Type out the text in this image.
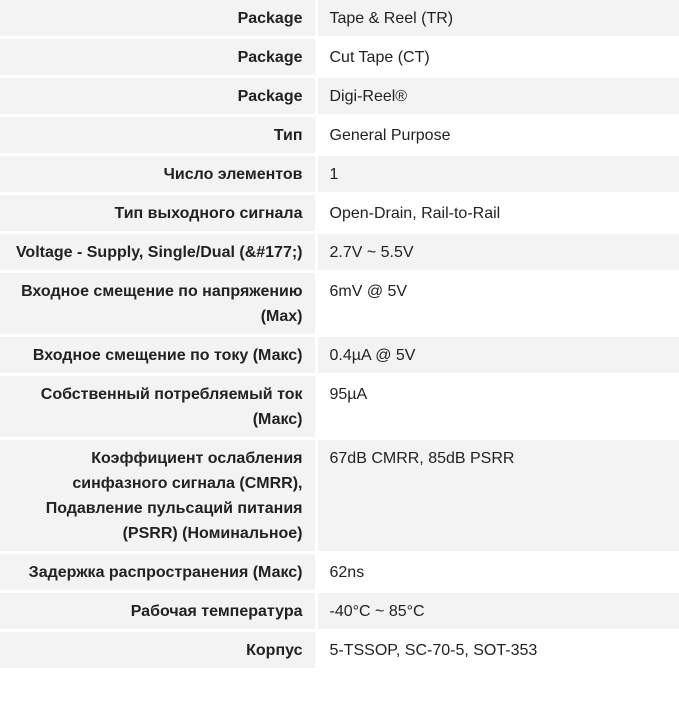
Package	Tape & Reel (TR)
Package	Cut Tape (CT)
Package	Digi-Reel®
Тип	General Purpose
Число элементов	1
Тип выходного сигнала	Open-Drain, Rail-to-Rail
Voltage - Supply, Single/Dual (&#177;)	2.7V ~ 5.5V
Входное смещение по напряжению (Max)	6mV @ 5V
Входное смещение по току (Макс)	0.4µA @ 5V
Собственный потребляемый ток (Макс)	95µA
Коэффициент ослабления синфазного сигнала (CMRR), Подавление пульсаций питания (PSRR) (Номинальное)	67dB CMRR, 85dB PSRR
Задержка распространения (Макс)	62ns
Рабочая температура	-40°C ~ 85°C
Корпус	5-TSSOP, SC-70-5, SOT-353
